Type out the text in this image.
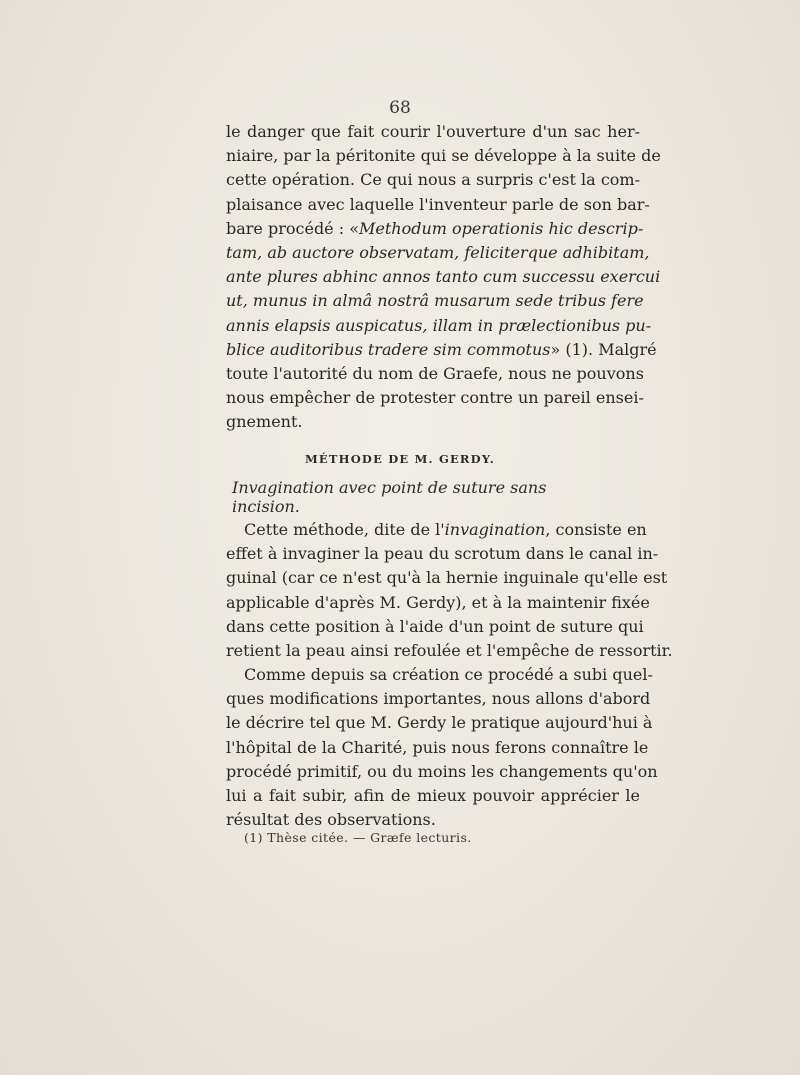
68
le danger que fait courir l'ouverture d'un sac her-
niaire, par la péritonite qui se développe à la suite de
cette opération. Ce qui nous a surpris c'est la com-
plaisance avec laquelle l'inventeur parle de son bar-
bare procédé : «Methodum operationis hic descrip-
tam, ab auctore observatam, feliciterque adhibitam,
ante plures abhinc annos tanto cum successu exercui
ut, munus in almâ nostrâ musarum sede tribus fere
annis elapsis auspicatus, illam in prælectionibus pu-
blice auditoribus tradere sim commotus» (1). Malgré
toute l'autorité du nom de Graefe, nous ne pouvons
nous empêcher de protester contre un pareil ensei-
gnement.
MÉTHODE DE M. GERDY.
Invagination avec point de suture sans incision.
Cette méthode, dite de l'invagination, consiste en
effet à invaginer la peau du scrotum dans le canal in-
guinal (car ce n'est qu'à la hernie inguinale qu'elle est
applicable d'après M. Gerdy), et à la maintenir fixée
dans cette position à l'aide d'un point de suture qui
retient la peau ainsi refoulée et l'empêche de ressortir.
Comme depuis sa création ce procédé a subi quel-
ques modifications importantes, nous allons d'abord
le décrire tel que M. Gerdy le pratique aujourd'hui à
l'hôpital de la Charité, puis nous ferons connaître le
procédé primitif, ou du moins les changements qu'on
lui a fait subir, afin de mieux pouvoir apprécier le
résultat des observations.
(1) Thèse citée. — Græfe lecturis.
